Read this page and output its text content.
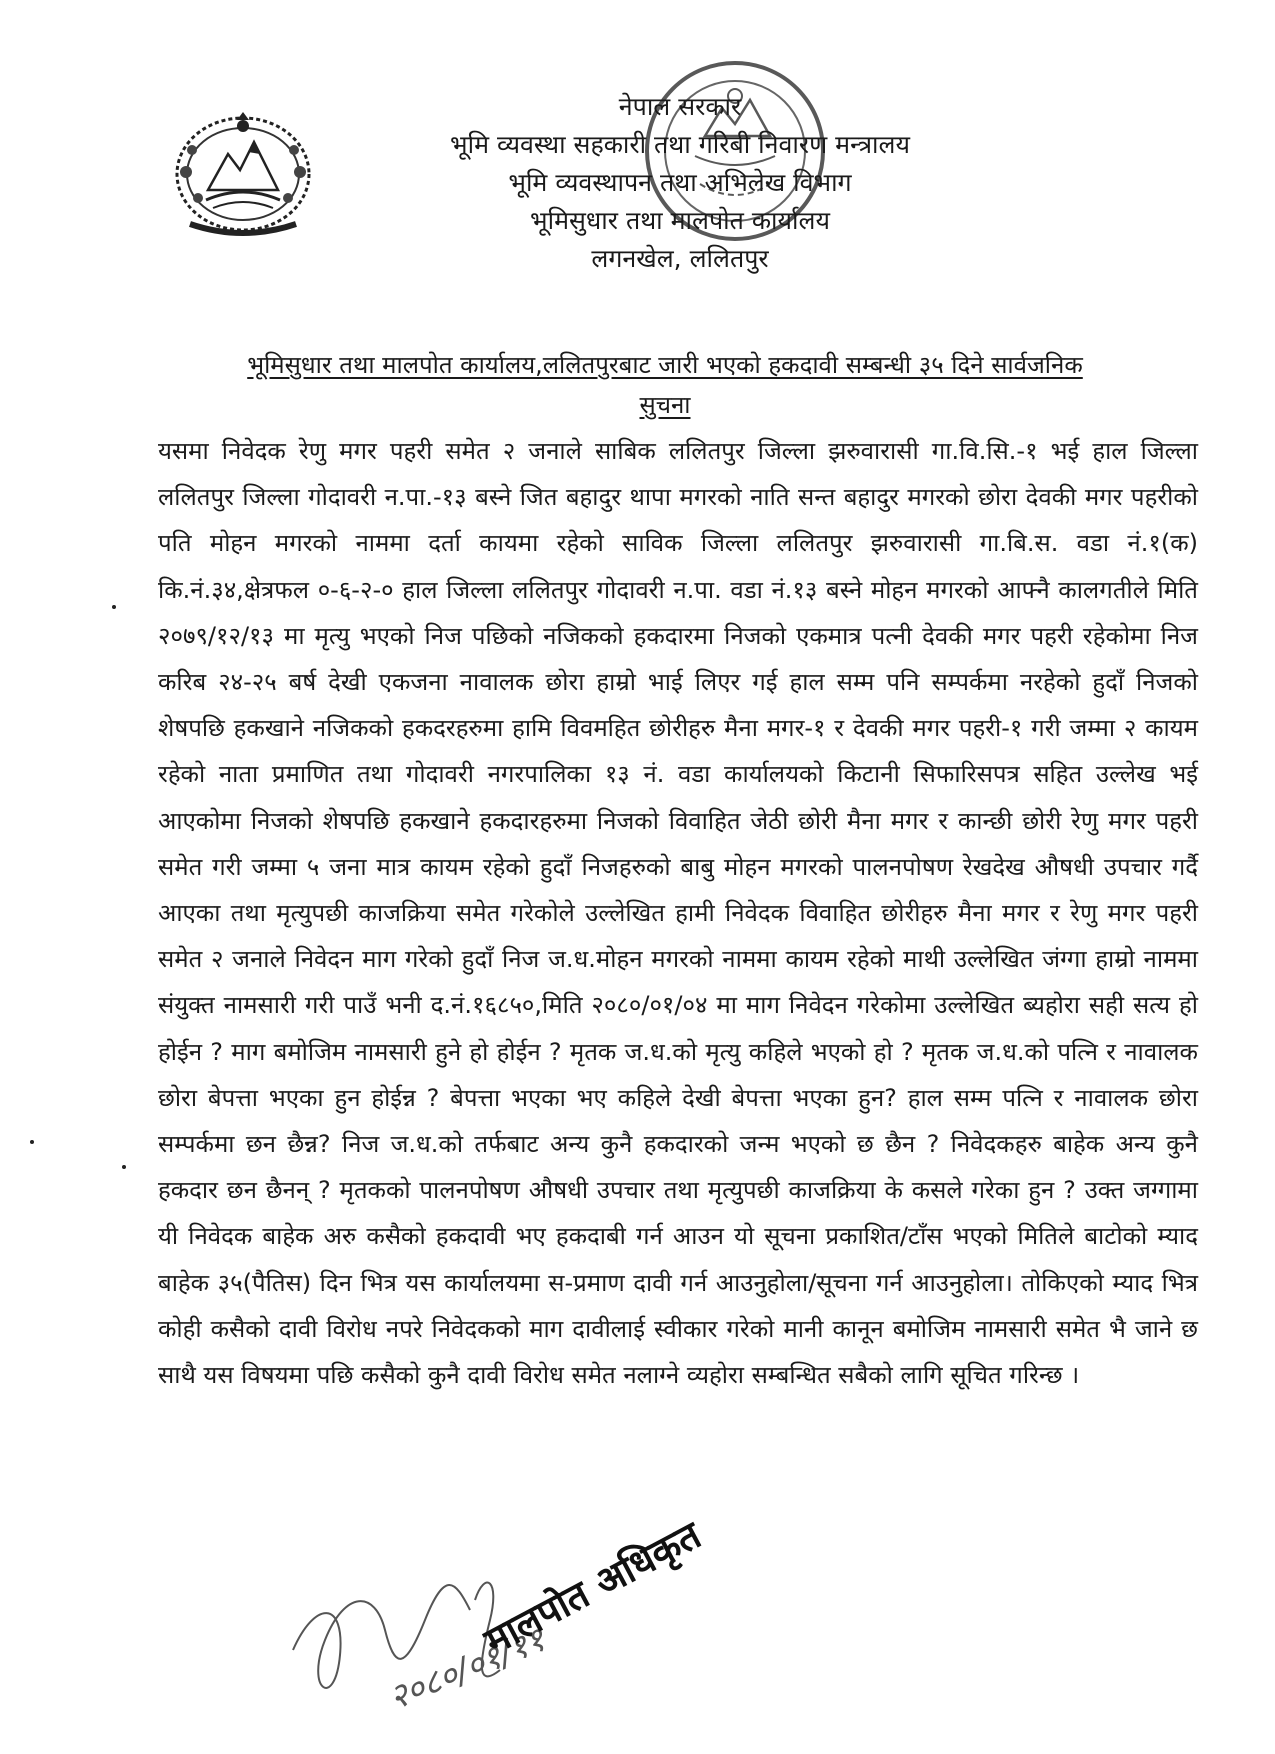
नेपाल सरकार
भूमि व्यवस्था सहकारी तथा गरिबी निवारण मन्त्रालय
भूमि व्यवस्थापन तथा अभिलेख विभाग
भूमिसुधार तथा मालपोत कार्यालय
लगनखेल, ललितपुर
भूमिसुधार तथा मालपोत कार्यालय,ललितपुरबाट जारी भएको हकदावी सम्बन्धी ३५ दिने सार्वजनिक
सुचना

यसमा निवेदक रेणु मगर पहरी समेत २ जनाले साबिक ललितपुर जिल्ला झरुवारासी गा.वि.सि.-१ भई हाल जिल्ला ललितपुर जिल्ला गोदावरी न.पा.-१३ बस्ने जित बहादुर थापा मगरको नाति सन्त बहादुर मगरको छोरा देवकी मगर पहरीको पति मोहन मगरको नाममा दर्ता कायमा रहेको साविक जिल्ला ललितपुर झरुवारासी गा.बि.स. वडा नं.१(क) कि.नं.३४,क्षेत्रफल ०-६-२-० हाल जिल्ला ललितपुर गोदावरी न.पा. वडा नं.१३ बस्ने मोहन मगरको आफ्नै कालगतीले मिति २०७९/१२/१३ मा मृत्यु भएको निज पछिको नजिकको हकदारमा निजको एकमात्र पत्नी देवकी मगर पहरी रहेकोमा निज करिब २४-२५ बर्ष देखी एकजना नावालक छोरा हाम्रो भाई लिएर गई हाल सम्म पनि सम्पर्कमा नरहेको हुदाँ निजको शेषपछि हकखाने नजिकको हकदरहरुमा हामि विवमहित छोरीहरु मैना मगर-१ र देवकी मगर पहरी-१ गरी जम्मा २ कायम रहेको नाता प्रमाणित तथा गोदावरी नगरपालिका १३ नं. वडा कार्यालयको किटानी सिफारिसपत्र सहित उल्लेख भई आएकोमा निजको शेषपछि हकखाने हकदारहरुमा निजको विवाहित जेठी छोरी मैना मगर र कान्छी छोरी रेणु मगर पहरी समेत गरी जम्मा ५ जना मात्र कायम रहेको हुदाँ निजहरुको बाबु मोहन मगरको पालनपोषण रेखदेख औषधी उपचार गर्दै आएका तथा मृत्युपछी काजक्रिया समेत गरेकोले उल्लेखित हामी निवेदक विवाहित छोरीहरु मैना मगर र रेणु मगर पहरी समेत २ जनाले निवेदन माग गरेको हुदाँ निज ज.ध.मोहन मगरको नाममा कायम रहेको माथी उल्लेखित जंग्गा हाम्रो नाममा संयुक्त नामसारी गरी पाउँ भनी द.नं.१६८५०,मिति २०८०/०१/०४ मा माग निवेदन गरेकोमा उल्लेखित ब्यहोरा सही सत्य हो होईन ? माग बमोजिम नामसारी हुने हो होईन ? मृतक ज.ध.को मृत्यु कहिले भएको हो ? मृतक ज.ध.को पत्नि र नावालक छोरा बेपत्ता भएका हुन होईन्न ? बेपत्ता भएका भए कहिले देखी बेपत्ता भएका हुन? हाल सम्म पत्नि र नावालक छोरा सम्पर्कमा छन छैन्न? निज ज.ध.को तर्फबाट अन्य कुनै हकदारको जन्म भएको छ छैन ? निवेदकहरु बाहेक अन्य कुनै हकदार छन छैनन् ? मृतकको पालनपोषण औषधी उपचार तथा मृत्युपछी काजक्रिया के कसले गरेका हुन ? उक्त जग्गामा यी निवेदक बाहेक अरु कसैको हकदावी भए हकदाबी गर्न आउन यो सूचना प्रकाशित/टाँस भएको मितिले बाटोको म्याद बाहेक ३५(पैतिस) दिन भित्र यस कार्यालयमा स-प्रमाण दावी गर्न आउनुहोला/सूचना गर्न आउनुहोला। तोकिएको म्याद भित्र कोही कसैको दावी विरोध नपरे निवेदकको माग दावीलाई स्वीकार गरेको मानी कानून बमोजिम नामसारी समेत भै जाने छ साथै यस विषयमा पछि कसैको कुनै दावी विरोध समेत नलाग्ने व्यहोरा सम्बन्धित सबैको लागि सूचित गरिन्छ ।

२०८०/०१/११
मालपोत अधिकृत
